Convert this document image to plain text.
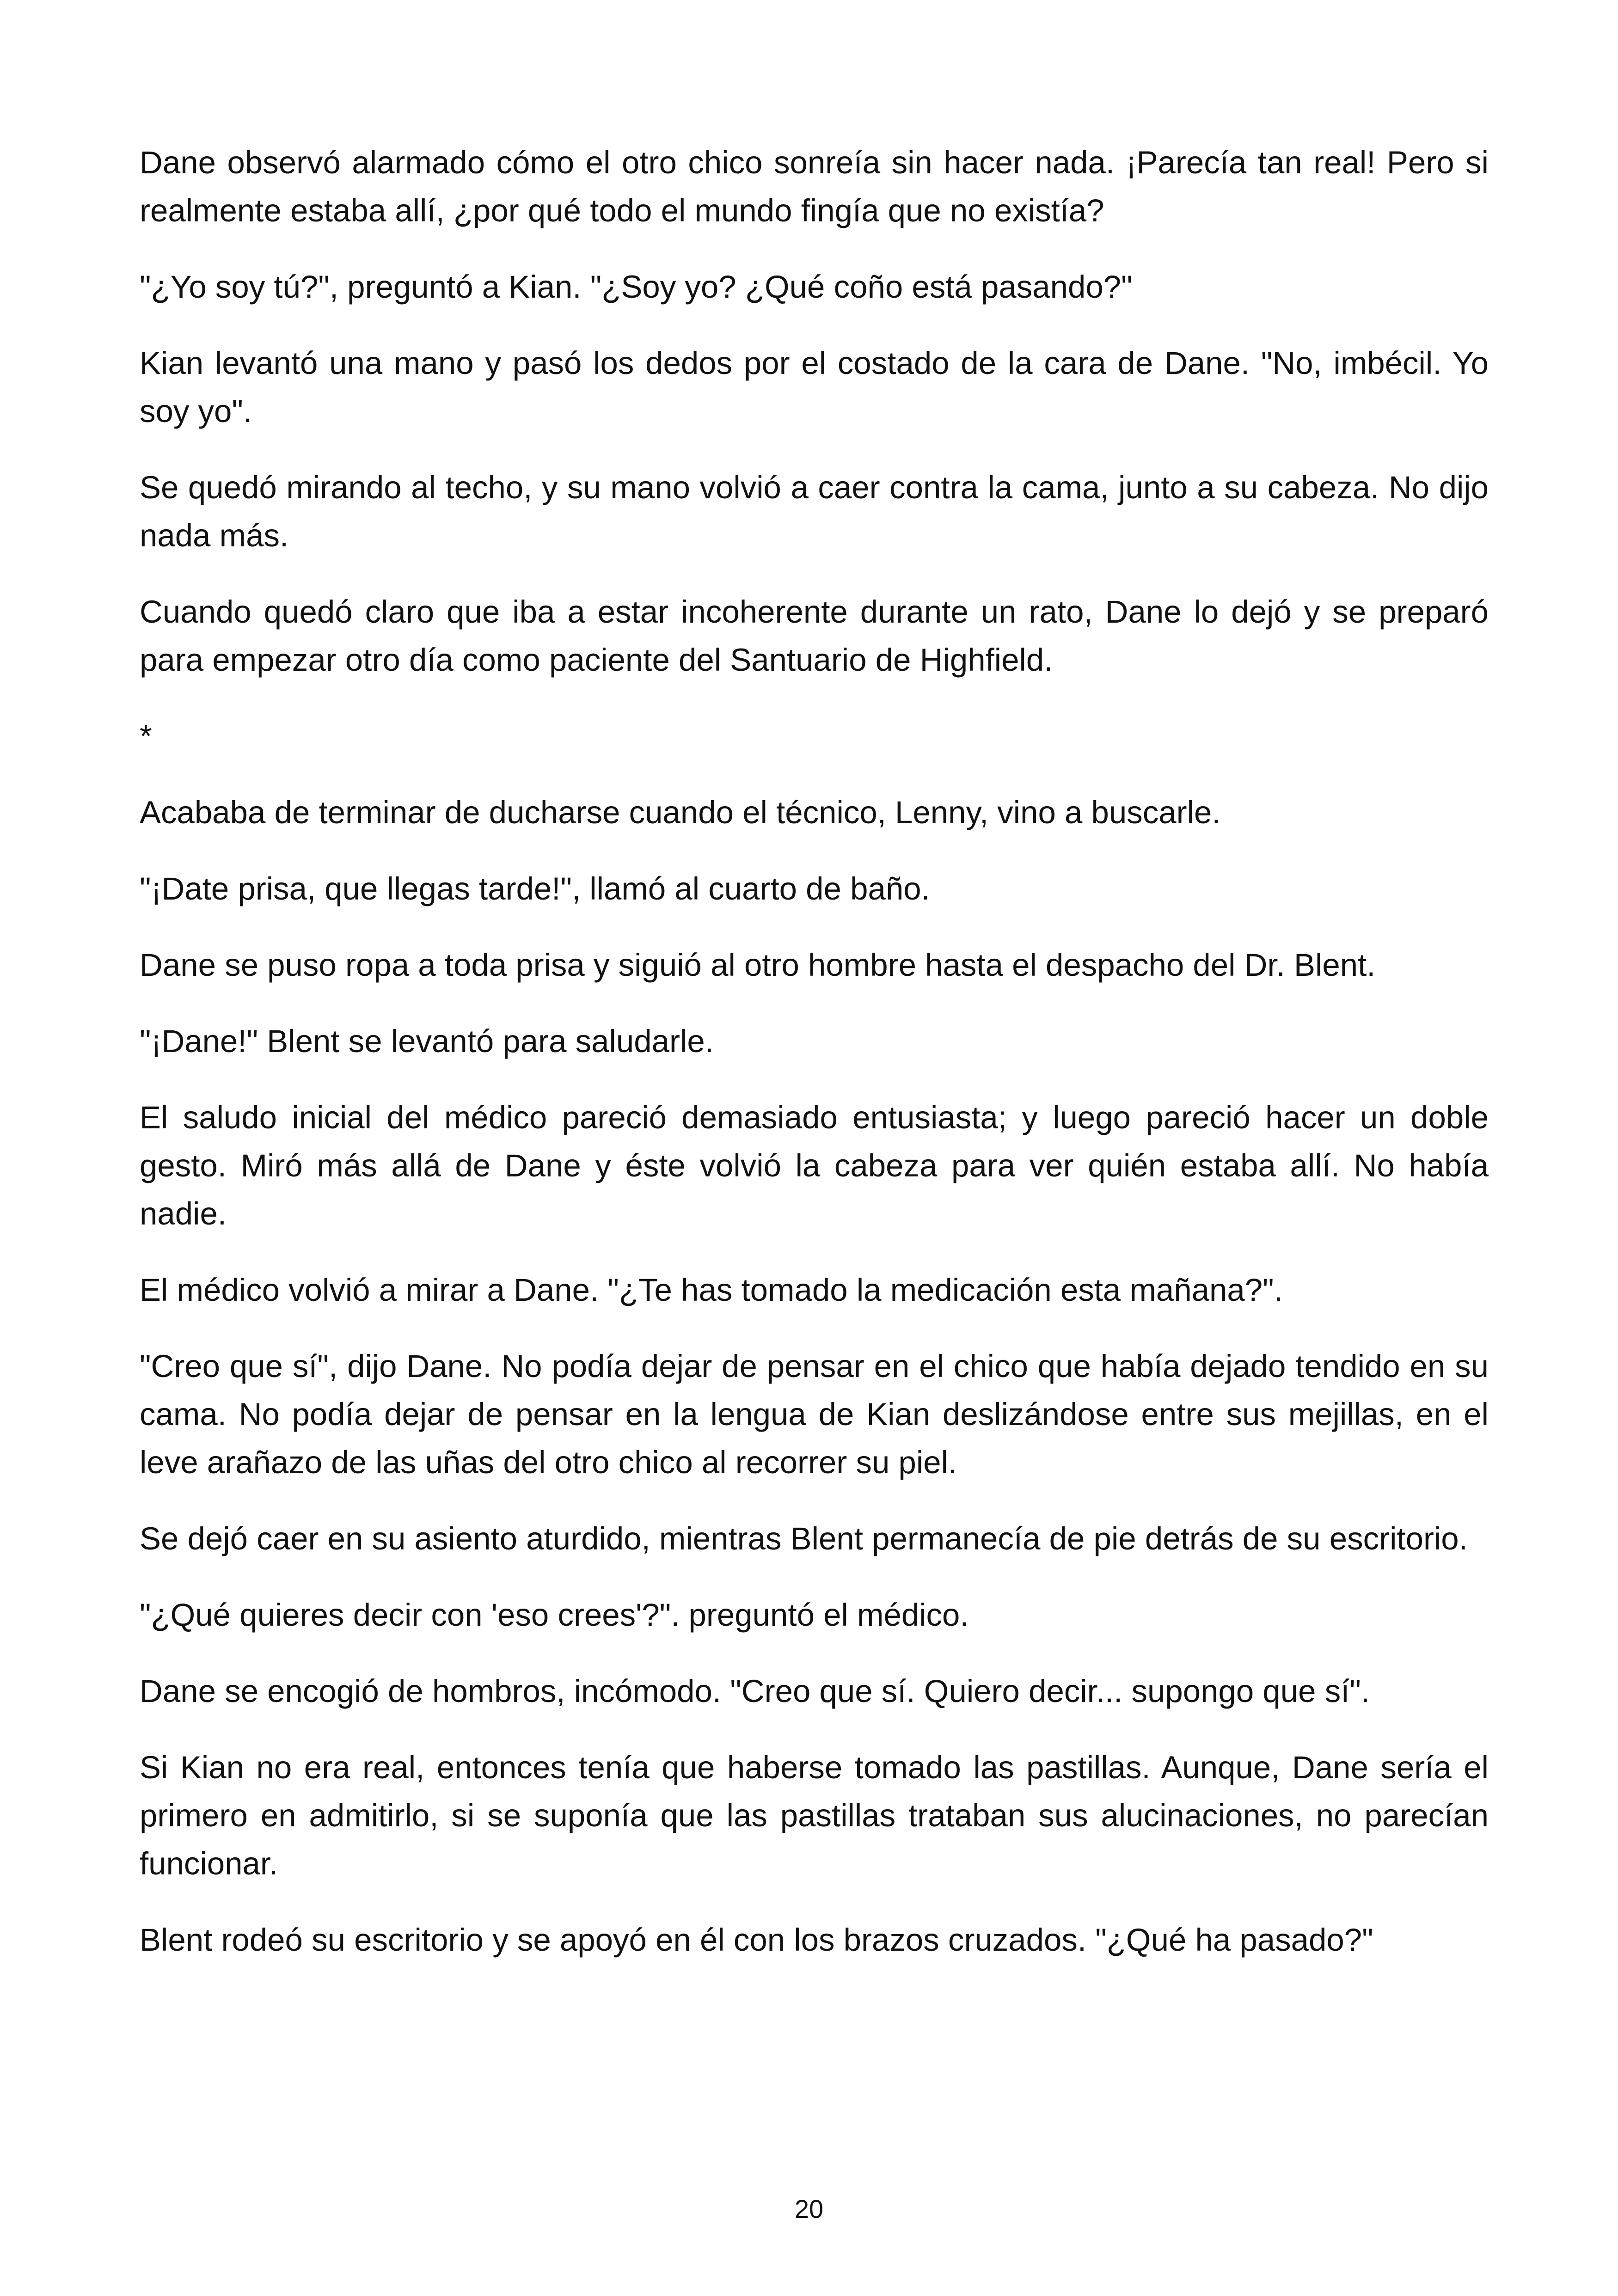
Dane observó alarmado cómo el otro chico sonreía sin hacer nada. ¡Parecía tan real! Pero si realmente estaba allí, ¿por qué todo el mundo fingía que no existía?

"¿Yo soy tú?", preguntó a Kian. "¿Soy yo? ¿Qué coño está pasando?"

Kian levantó una mano y pasó los dedos por el costado de la cara de Dane. "No, imbécil. Yo soy yo".

Se quedó mirando al techo, y su mano volvió a caer contra la cama, junto a su cabeza. No dijo nada más.

Cuando quedó claro que iba a estar incoherente durante un rato, Dane lo dejó y se preparó para empezar otro día como paciente del Santuario de Highfield.

*

Acababa de terminar de ducharse cuando el técnico, Lenny, vino a buscarle.

"¡Date prisa, que llegas tarde!", llamó al cuarto de baño.

Dane se puso ropa a toda prisa y siguió al otro hombre hasta el despacho del Dr. Blent.

"¡Dane!" Blent se levantó para saludarle.

El saludo inicial del médico pareció demasiado entusiasta; y luego pareció hacer un doble gesto. Miró más allá de Dane y éste volvió la cabeza para ver quién estaba allí. No había nadie.

El médico volvió a mirar a Dane. "¿Te has tomado la medicación esta mañana?".

"Creo que sí", dijo Dane. No podía dejar de pensar en el chico que había dejado tendido en su cama. No podía dejar de pensar en la lengua de Kian deslizándose entre sus mejillas, en el leve arañazo de las uñas del otro chico al recorrer su piel.

Se dejó caer en su asiento aturdido, mientras Blent permanecía de pie detrás de su escritorio.

"¿Qué quieres decir con 'eso crees'?". preguntó el médico.

Dane se encogió de hombros, incómodo. "Creo que sí. Quiero decir... supongo que sí".

Si Kian no era real, entonces tenía que haberse tomado las pastillas. Aunque, Dane sería el primero en admitirlo, si se suponía que las pastillas trataban sus alucinaciones, no parecían funcionar.

Blent rodeó su escritorio y se apoyó en él con los brazos cruzados. "¿Qué ha pasado?"

20
